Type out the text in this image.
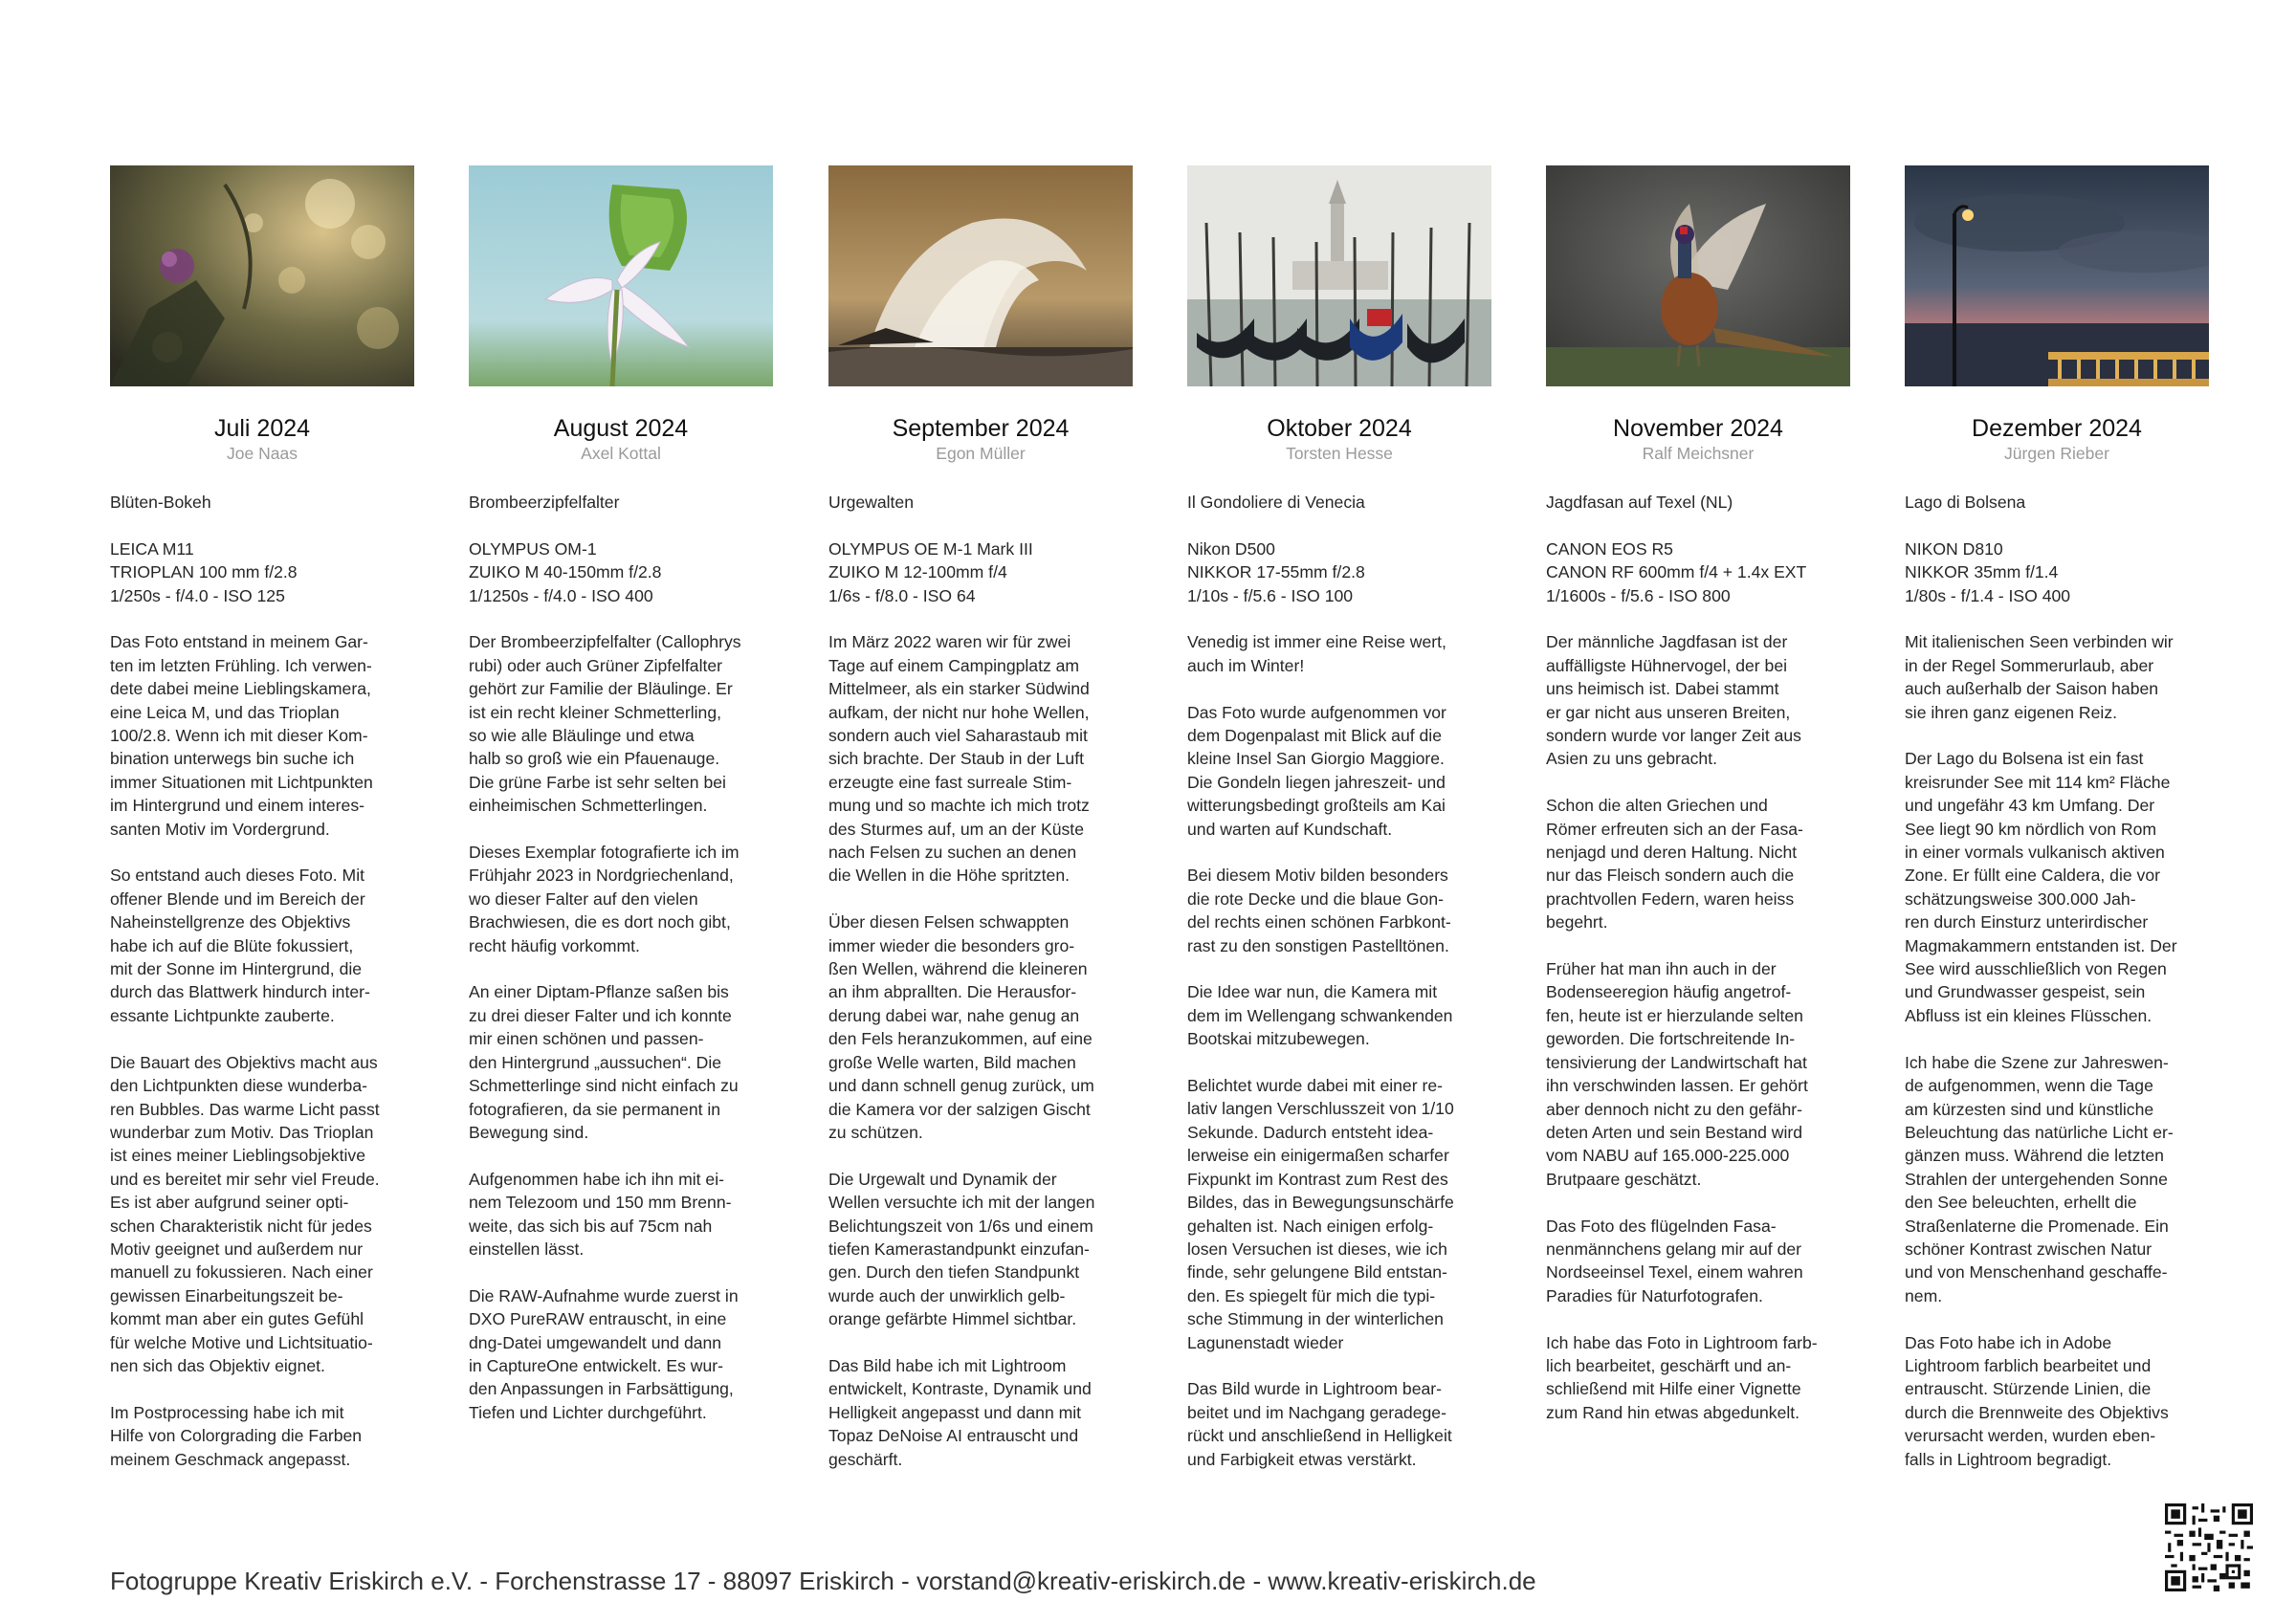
Juli 2024
Joe Naas

Blüten-Bokeh

LEICA M11
TRIOPLAN 100 mm f/2.8
1/250s - f/4.0 - ISO 125

Das Foto entstand in meinem Gar-
ten im letzten Frühling. Ich verwen-
dete dabei meine Lieblingskamera,
eine Leica M, und das Trioplan
100/2.8. Wenn ich mit dieser Kom-
bination unterwegs bin suche ich
immer Situationen mit Lichtpunkten
im Hintergrund und einem interes-
santen Motiv im Vordergrund.

So entstand auch dieses Foto. Mit
offener Blende und im Bereich der
Naheinstellgrenze des Objektivs
habe ich auf die Blüte fokussiert,
mit der Sonne im Hintergrund, die
durch das Blattwerk hindurch inter-
essante Lichtpunkte zauberte.

Die Bauart des Objektivs macht aus
den Lichtpunkten diese wunderba-
ren Bubbles. Das warme Licht passt
wunderbar zum Motiv. Das Trioplan
ist eines meiner Lieblingsobjektive
und es bereitet mir sehr viel Freude.
Es ist aber aufgrund seiner opti-
schen Charakteristik nicht für jedes
Motiv geeignet und außerdem nur
manuell zu fokussieren. Nach einer
gewissen Einarbeitungszeit be-
kommt man aber ein gutes Gefühl
für welche Motive und Lichtsituatio-
nen sich das Objektiv eignet.

Im Postprocessing habe ich mit
Hilfe von Colorgrading die Farben
meinem Geschmack angepasst.

August 2024
Axel Kottal

Brombeerzipfelfalter

OLYMPUS OM-1
ZUIKO M 40-150mm f/2.8
1/1250s - f/4.0 - ISO 400

Der Brombeerzipfelfalter (Callophrys
rubi) oder auch Grüner Zipfelfalter
gehört zur Familie der Bläulinge. Er
ist ein recht kleiner Schmetterling,
so wie alle Bläulinge und etwa
halb so groß wie ein Pfauenauge.
Die grüne Farbe ist sehr selten bei
einheimischen Schmetterlingen.

Dieses Exemplar fotografierte ich im
Frühjahr 2023 in Nordgriechenland,
wo dieser Falter auf den vielen
Brachwiesen, die es dort noch gibt,
recht häufig vorkommt.

An einer Diptam-Pflanze saßen bis
zu drei dieser Falter und ich konnte
mir einen schönen und passen-
den Hintergrund „aussuchen“. Die
Schmetterlinge sind nicht einfach zu
fotografieren, da sie permanent in
Bewegung sind.

Aufgenommen habe ich ihn mit ei-
nem Telezoom und 150 mm Brenn-
weite, das sich bis auf 75cm nah
einstellen lässt.

Die RAW-Aufnahme wurde zuerst in
DXO PureRAW entrauscht, in eine
dng-Datei umgewandelt und dann
in CaptureOne entwickelt. Es wur-
den Anpassungen in Farbsättigung,
Tiefen und Lichter durchgeführt.

September 2024
Egon Müller

Urgewalten

OLYMPUS OE M-1 Mark III
ZUIKO M 12-100mm f/4
1/6s - f/8.0 - ISO 64

Im März 2022 waren wir für zwei
Tage auf einem Campingplatz am
Mittelmeer, als ein starker Südwind
aufkam, der nicht nur hohe Wellen,
sondern auch viel Saharastaub mit
sich brachte. Der Staub in der Luft
erzeugte eine fast surreale Stim-
mung und so machte ich mich trotz
des Sturmes auf, um an der Küste
nach Felsen zu suchen an denen
die Wellen in die Höhe spritzten.

Über diesen Felsen schwappten
immer wieder die besonders gro-
ßen Wellen, während die kleineren
an ihm abprallten. Die Herausfor-
derung dabei war, nahe genug an
den Fels heranzukommen, auf eine
große Welle warten, Bild machen
und dann schnell genug zurück, um
die Kamera vor der salzigen Gischt
zu schützen.

Die Urgewalt und Dynamik der
Wellen versuchte ich mit der langen
Belichtungszeit von 1/6s und einem
tiefen Kamerastandpunkt einzufan-
gen. Durch den tiefen Standpunkt
wurde auch der unwirklich gelb-
orange gefärbte Himmel sichtbar.

Das Bild habe ich mit Lightroom
entwickelt, Kontraste, Dynamik und
Helligkeit angepasst und dann mit
Topaz DeNoise AI entrauscht und
geschärft.

Oktober 2024
Torsten Hesse

Il Gondoliere di Venecia

Nikon D500
NIKKOR 17-55mm f/2.8
1/10s - f/5.6 - ISO 100

Venedig ist immer eine Reise wert,
auch im Winter!

Das Foto wurde aufgenommen vor
dem Dogenpalast mit Blick auf die
kleine Insel San Giorgio Maggiore.
Die Gondeln liegen jahreszeit- und
witterungsbedingt großteils am Kai
und warten auf Kundschaft.

Bei diesem Motiv bilden besonders
die rote Decke und die blaue Gon-
del rechts einen schönen Farbkont-
rast zu den sonstigen Pastelltönen.

Die Idee war nun, die Kamera mit
dem im Wellengang schwankenden
Bootskai mitzubewegen.

Belichtet wurde dabei mit einer re-
lativ langen Verschlusszeit von 1/10
Sekunde. Dadurch entsteht idea-
lerweise ein einigermaßen scharfer
Fixpunkt im Kontrast zum Rest des
Bildes, das in Bewegungsunschärfe
gehalten ist. Nach einigen erfolg-
losen Versuchen ist dieses, wie ich
finde, sehr gelungene Bild entstan-
den. Es spiegelt für mich die typi-
sche Stimmung in der winterlichen
Lagunenstadt wieder

Das Bild wurde in Lightroom bear-
beitet und im Nachgang geradege-
rückt und anschließend in Helligkeit
und Farbigkeit etwas verstärkt.

November 2024
Ralf Meichsner

Jagdfasan auf Texel (NL)

CANON EOS R5
CANON RF 600mm f/4 + 1.4x EXT
1/1600s - f/5.6 - ISO 800

Der männliche Jagdfasan ist der
auffälligste Hühnervogel, der bei
uns heimisch ist. Dabei stammt
er gar nicht aus unseren Breiten,
sondern wurde vor langer Zeit aus
Asien zu uns gebracht.

Schon die alten Griechen und
Römer erfreuten sich an der Fasa-
nenjagd und deren Haltung. Nicht
nur das Fleisch sondern auch die
prachtvollen Federn, waren heiss
begehrt.

Früher hat man ihn auch in der
Bodenseeregion häufig angetrof-
fen, heute ist er hierzulande selten
geworden. Die fortschreitende In-
tensivierung der Landwirtschaft hat
ihn verschwinden lassen. Er gehört
aber dennoch nicht zu den gefähr-
deten Arten und sein Bestand wird
vom NABU auf 165.000-225.000
Brutpaare geschätzt.

Das Foto des flügelnden Fasa-
nenmännchens gelang mir auf der
Nordseeinsel Texel, einem wahren
Paradies für Naturfotografen.

Ich habe das Foto in Lightroom farb-
lich bearbeitet, geschärft und an-
schließend mit Hilfe einer Vignette
zum Rand hin etwas abgedunkelt.

Dezember 2024
Jürgen Rieber

Lago di Bolsena

NIKON D810
NIKKOR 35mm f/1.4
1/80s - f/1.4 - ISO 400

Mit italienischen Seen verbinden wir
in der Regel Sommerurlaub, aber
auch außerhalb der Saison haben
sie ihren ganz eigenen Reiz.

Der Lago du Bolsena ist ein fast
kreisrunder See mit 114 km² Fläche
und ungefähr 43 km Umfang. Der
See liegt 90 km nördlich von Rom
in einer vormals vulkanisch aktiven
Zone. Er füllt eine Caldera, die vor
schätzungsweise 300.000 Jah-
ren durch Einsturz unterirdischer
Magmakammern entstanden ist. Der
See wird ausschließlich von Regen
und Grundwasser gespeist, sein
Abfluss ist ein kleines Flüsschen.

Ich habe die Szene zur Jahreswen-
de aufgenommen, wenn die Tage
am kürzesten sind und künstliche
Beleuchtung das natürliche Licht er-
gänzen muss. Während die letzten
Strahlen der untergehenden Sonne
den See beleuchten, erhellt die
Straßenlaterne die Promenade. Ein
schöner Kontrast zwischen Natur
und von Menschenhand geschaffe-
nem.

Das Foto habe ich in Adobe
Lightroom farblich bearbeitet und
entrauscht. Stürzende Linien, die
durch die Brennweite des Objektivs
verursacht werden, wurden eben-
falls in Lightroom begradigt.

Fotogruppe Kreativ Eriskirch e.V. - Forchenstrasse 17 - 88097 Eriskirch - vorstand@kreativ-eriskirch.de - www.kreativ-eriskirch.de
